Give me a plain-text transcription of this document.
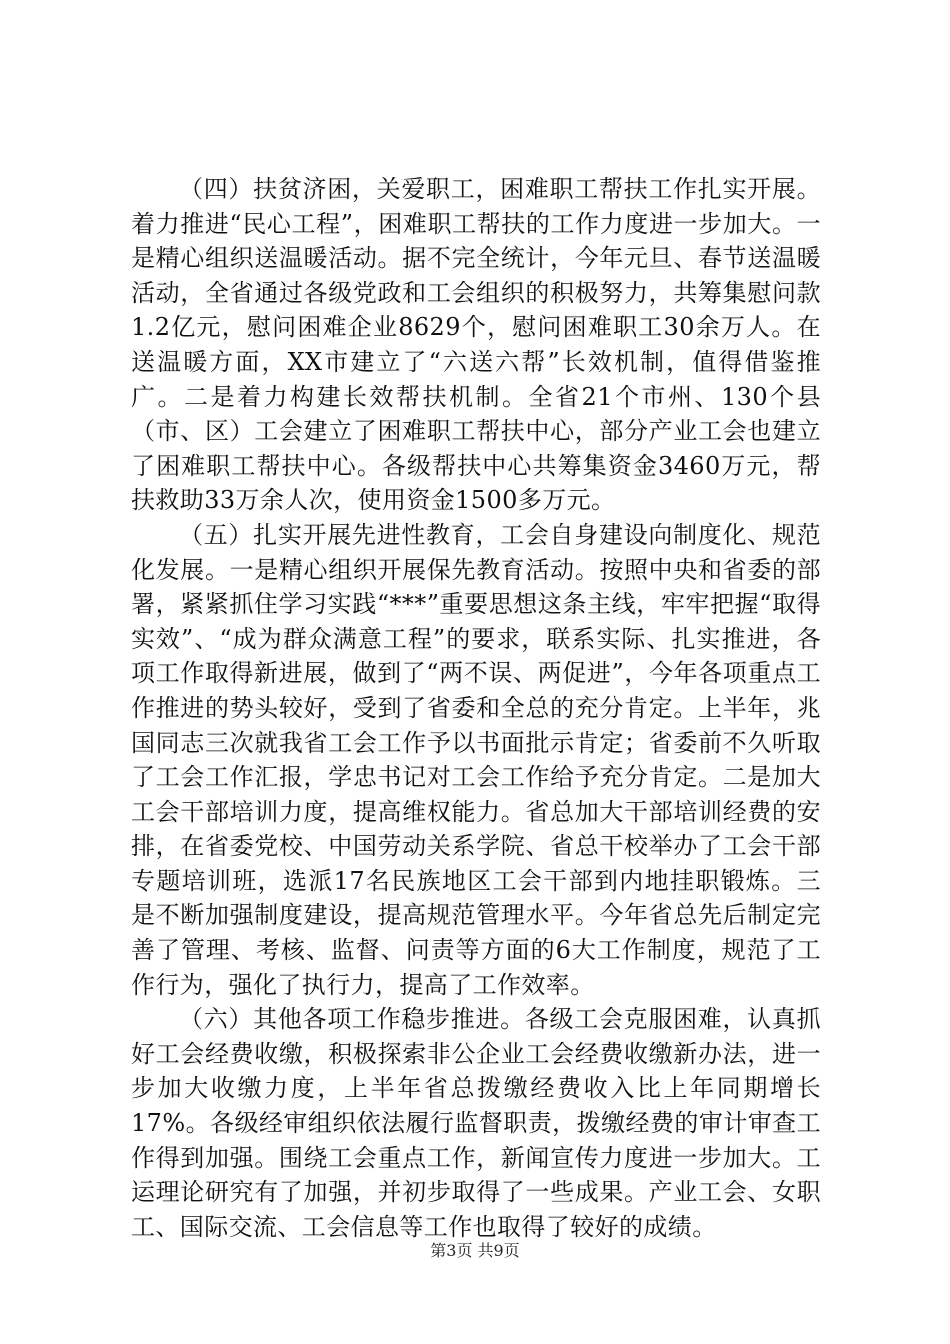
（四）扶贫济困，关爱职工，困难职工帮扶工作扎实开展。着力推进“民心工程”，困难职工帮扶的工作力度进一步加大。一是精心组织送温暖活动。据不完全统计，今年元旦、春节送温暖活动，全省通过各级党政和工会组织的积极努力，共筹集慰问款1.2亿元，慰问困难企业8629个，慰问困难职工30余万人。在送温暖方面，XX市建立了“六送六帮”长效机制，值得借鉴推广。二是着力构建长效帮扶机制。全省21个市州、130个县（市、区）工会建立了困难职工帮扶中心，部分产业工会也建立了困难职工帮扶中心。各级帮扶中心共筹集资金3460万元，帮扶救助33万余人次，使用资金1500多万元。

（五）扎实开展先进性教育，工会自身建设向制度化、规范化发展。一是精心组织开展保先教育活动。按照中央和省委的部署，紧紧抓住学习实践“***”重要思想这条主线，牢牢把握“取得实效”、“成为群众满意工程”的要求，联系实际、扎实推进，各项工作取得新进展，做到了“两不误、两促进”，今年各项重点工作推进的势头较好，受到了省委和全总的充分肯定。上半年，兆国同志三次就我省工会工作予以书面批示肯定；省委前不久听取了工会工作汇报，学忠书记对工会工作给予充分肯定。二是加大工会干部培训力度，提高维权能力。省总加大干部培训经费的安排，在省委党校、中国劳动关系学院、省总干校举办了工会干部专题培训班，选派17名民族地区工会干部到内地挂职锻炼。三是不断加强制度建设，提高规范管理水平。今年省总先后制定完善了管理、考核、监督、问责等方面的6大工作制度，规范了工作行为，强化了执行力，提高了工作效率。

（六）其他各项工作稳步推进。各级工会克服困难，认真抓好工会经费收缴，积极探索非公企业工会经费收缴新办法，进一步加大收缴力度，上半年省总拨缴经费收入比上年同期增长17%。各级经审组织依法履行监督职责，拨缴经费的审计审查工作得到加强。围绕工会重点工作，新闻宣传力度进一步加大。工运理论研究有了加强，并初步取得了一些成果。产业工会、女职工、国际交流、工会信息等工作也取得了较好的成绩。

第3页 共9页
